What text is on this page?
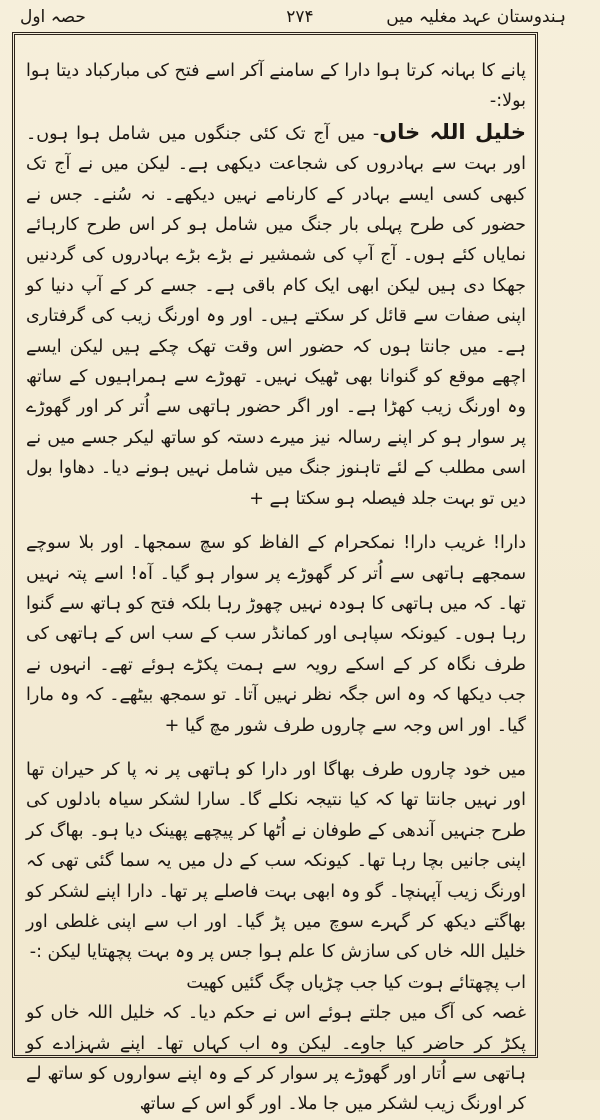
ہندوستان عہد مغلیہ میں
۲۷۴
حصہ اول

پانے کا بہانہ کرتا ہوا دارا کے سامنے آکر اسے فتح کی مبارکباد دیتا ہوا بولا:-

خلیل اللہ خاں- میں آج تک کئی جنگوں میں شامل ہوا ہوں۔ اور بہت سے بہادروں کی شجاعت دیکھی ہے۔ لیکن میں نے آج تک کبھی کسی ایسے بہادر کے کارنامے نہیں دیکھے۔ نہ سُنے۔ جس نے حضور کی طرح پہلی بار جنگ میں شامل ہو کر اس طرح کارہائے نمایاں کئے ہوں۔ آج آپ کی شمشیر نے بڑے بڑے بہادروں کی گردنیں جھکا دی ہیں لیکن ابھی ایک کام باقی ہے۔ جسے کر کے آپ دنیا کو اپنی صفات سے قائل کر سکتے ہیں۔ اور وہ اورنگ زیب کی گرفتاری ہے۔ میں جانتا ہوں کہ حضور اس وقت تھک چکے ہیں لیکن ایسے اچھے موقع کو گنوانا بھی ٹھیک نہیں۔ تھوڑے سے ہمراہیوں کے ساتھ وہ اورنگ زیب کھڑا ہے۔ اور اگر حضور ہاتھی سے اُتر کر اور گھوڑے پر سوار ہو کر اپنے رسالہ نیز میرے دستہ کو ساتھ لیکر جسے میں نے اسی مطلب کے لئے تاہنوز جنگ میں شامل نہیں ہونے دیا۔ دھاوا بول دیں تو بہت جلد فیصلہ ہو سکتا ہے +

دارا! غریب دارا! نمکحرام کے الفاظ کو سچ سمجھا۔ اور بلا سوچے سمجھے ہاتھی سے اُتر کر گھوڑے پر سوار ہو گیا۔ آہ! اسے پتہ نہیں تھا۔ کہ میں ہاتھی کا ہودہ نہیں چھوڑ رہا بلکہ فتح کو ہاتھ سے گنوا رہا ہوں۔ کیونکہ سپاہی اور کمانڈر سب کے سب اس کے ہاتھی کی طرف نگاہ کر کے اسکے رویہ سے ہمت پکڑے ہوئے تھے۔ انہوں نے جب دیکھا کہ وہ اس جگہ نظر نہیں آتا۔ تو سمجھ بیٹھے۔ کہ وہ مارا گیا۔ اور اس وجہ سے چاروں طرف شور مچ گیا +

میں خود چاروں طرف بھاگا اور دارا کو ہاتھی پر نہ پا کر حیران تھا اور نہیں جانتا تھا کہ کیا نتیجہ نکلے گا۔ سارا لشکر سیاہ بادلوں کی طرح جنہیں آندھی کے طوفان نے اُٹھا کر پیچھے پھینک دیا ہو۔ بھاگ کر اپنی جانیں بچا رہا تھا۔ کیونکہ سب کے دل میں یہ سما گئی تھی کہ اورنگ زیب آپہنچا۔ گو وہ ابھی بہت فاصلے پر تھا۔ دارا اپنے لشکر کو بھاگتے دیکھ کر گہرے سوچ میں پڑ گیا۔ اور اب سے اپنی غلطی اور خلیل اللہ خاں کی سازش کا علم ہوا جس پر وہ بہت پچھتایا لیکن :-

اب پچھتائے ہوت کیا جب چڑیاں چگ گئیں کھیت

غصہ کی آگ میں جلتے ہوئے اس نے حکم دیا۔ کہ خلیل اللہ خاں کو پکڑ کر حاضر کیا جاوے۔ لیکن وہ اب کہاں تھا۔ اپنے شہزادے کو ہاتھی سے اُتار اور گھوڑے پر سوار کر کے وہ اپنے سواروں کو ساتھ لے کر اورنگ زیب لشکر میں جا ملا۔ اور گو اس کے ساتھ
